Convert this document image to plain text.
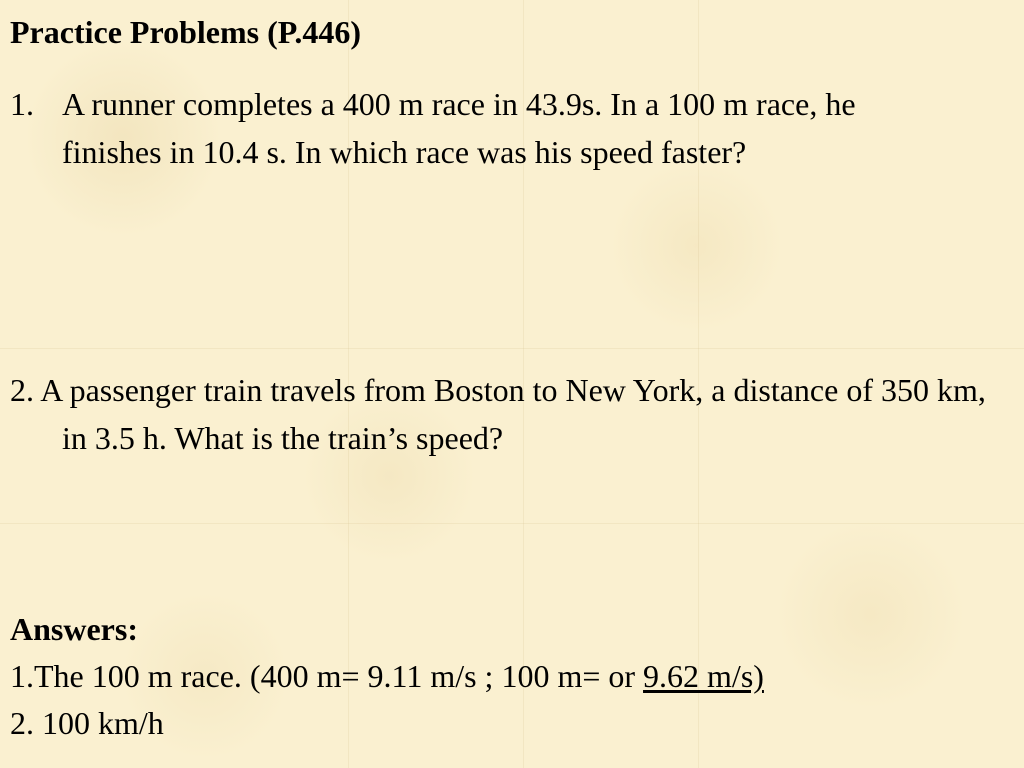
Practice Problems (P.446)
1. A runner completes a 400 m race in 43.9s. In a 100 m race, he finishes in 10.4 s. In which race was his speed faster?
2. A passenger train travels from Boston to New York, a distance of 350 km, in 3.5 h. What is the train’s speed?
Answers:
1.The 100 m race. (400 m= 9.11 m/s ; 100 m= or 9.62 m/s)
2. 100 km/h
